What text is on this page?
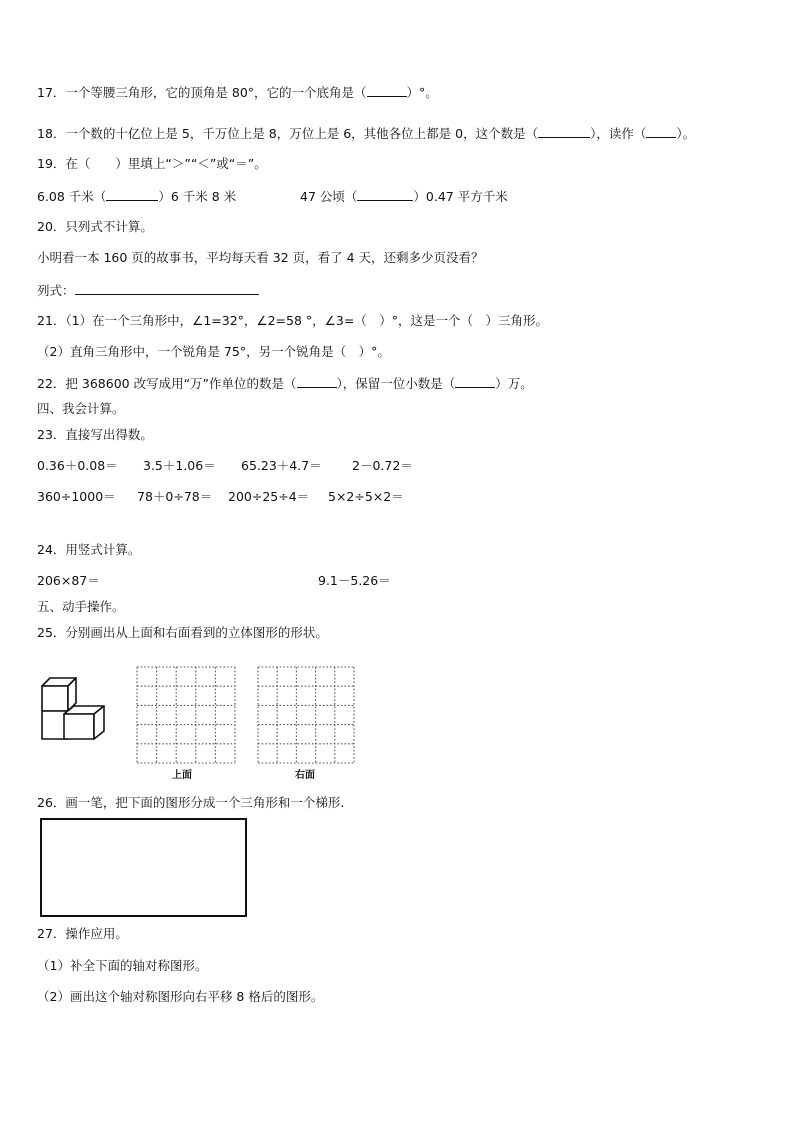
17．一个等腰三角形，它的顶角是 80°，它的一个底角是（	）°。
18．一个数的十亿位上是 5，千万位上是 8，万位上是 6，其他各位上都是 0，这个数是（	），读作（ ）。
19．在（　　）里填上“＞”“＜”或“＝”。
6.08 千米（	）6 千米 8 米	47 公顷（	）0.47 平方千米
20．只列式不计算。
小明看一本 160 页的故事书，平均每天看 32 页，看了 4 天，还剩多少页没看？
列式：
21．（1）在一个三角形中，∠1=32°，∠2=58 °，∠3=（　）°，这是一个（　）三角形。
（2）直角三角形中，一个锐角是 75°，另一个锐角是（　）°。
22．把 368600 改写成用“万”作单位的数是（	），保留一位小数是（	）万。
四、我会计算。
23．直接写出得数。
0.36＋0.08＝ 3.5＋1.06＝ 65.23＋4.7＝ 2－0.72＝
360÷1000＝ 78＋0÷78＝ 200÷25÷4＝ 5×2÷5×2＝
24．用竖式计算。
206×87＝	9.1－5.26＝
五、动手操作。
25．分别画出从上面和右面看到的立体图形的形状。
上面	右面
26．画一笔，把下面的图形分成一个三角形和一个梯形.
27．操作应用。
（1）补全下面的轴对称图形。
（2）画出这个轴对称图形向右平移 8 格后的图形。
